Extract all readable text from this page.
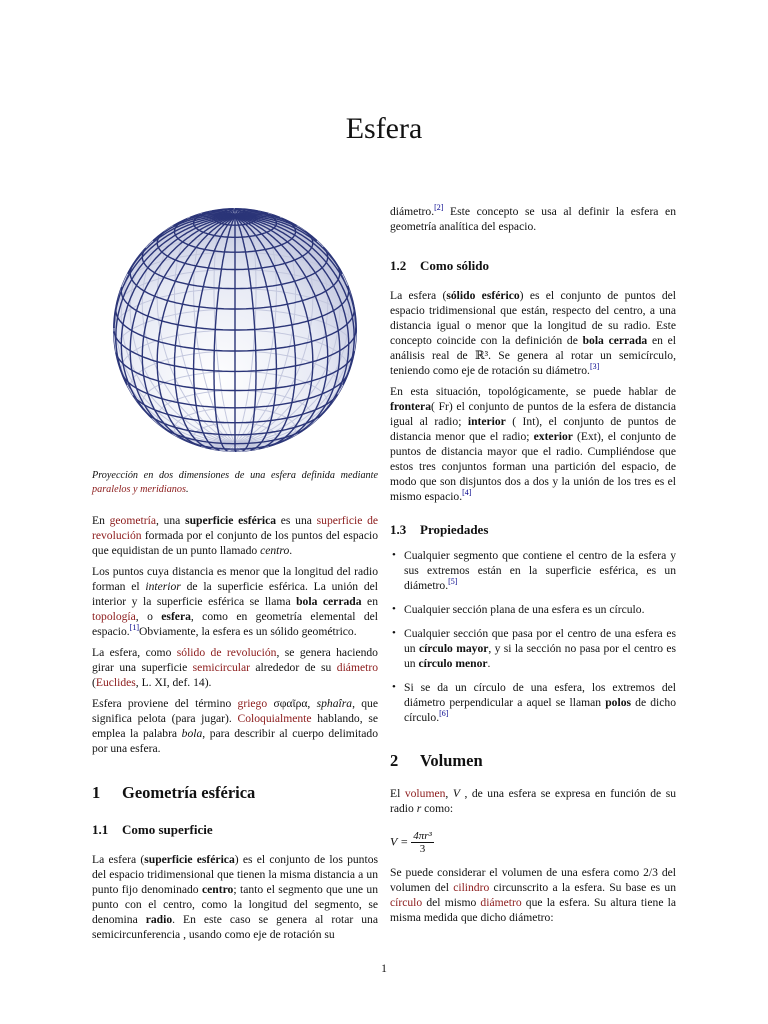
Esfera

Proyección en dos dimensiones de una esfera definida mediante paralelos y meridianos.

En geometría, una superficie esférica es una superficie de revolución formada por el conjunto de los puntos del espacio que equidistan de un punto llamado centro.

Los puntos cuya distancia es menor que la longitud del radio forman el interior de la superficie esférica. La unión del interior y la superficie esférica se llama bola cerrada en topología, o esfera, como en geometría elemental del espacio.[1]Obviamente, la esfera es un sólido geométrico.

La esfera, como sólido de revolución, se genera haciendo girar una superficie semicircular alrededor de su diámetro (Euclides, L. XI, def. 14).

Esfera proviene del término griego σφαῖρα, sphaîra, que significa pelota (para jugar). Coloquialmente hablando, se emplea la palabra bola, para describir al cuerpo delimitado por una esfera.

1 Geometría esférica
1.1 Como superficie

La esfera (superficie esférica) es el conjunto de los puntos del espacio tridimensional que tienen la misma distancia a un punto fijo denominado centro; tanto el segmento que une un punto con el centro, como la longitud del segmento, se denomina radio. En este caso se genera al rotar una semicircunferencia , usando como eje de rotación su

diámetro.[2] Este concepto se usa al definir la esfera en geometría analítica del espacio.

1.2 Como sólido

La esfera (sólido esférico) es el conjunto de puntos del espacio tridimensional que están, respecto del centro, a una distancia igual o menor que la longitud de su radio. Este concepto coincide con la definición de bola cerrada en el análisis real de ℝ³. Se genera al rotar un semicírculo, teniendo como eje de rotación su diámetro.[3]

En esta situación, topológicamente, se puede hablar de frontera( Fr) el conjunto de puntos de la esfera de distancia igual al radio; interior ( Int), el conjunto de puntos de distancia menor que el radio; exterior (Ext), el conjunto de puntos de distancia mayor que el radio. Cumpliéndose que estos tres conjuntos forman una partición del espacio, de modo que son disjuntos dos a dos y la unión de los tres es el mismo espacio.[4]

1.3 Propiedades
• Cualquier segmento que contiene el centro de la esfera y sus extremos están en la superficie esférica, es un diámetro.[5]
• Cualquier sección plana de una esfera es un círculo.
• Cualquier sección que pasa por el centro de una esfera es un círculo mayor, y si la sección no pasa por el centro es un círculo menor.
• Si se da un círculo de una esfera, los extremos del diámetro perpendicular a aquel se llaman polos de dicho círculo.[6]
2 Volumen

El volumen, V , de una esfera se expresa en función de su radio r como:

$V = \frac{\text{4πr³}}{3}$

Se puede considerar el volumen de una esfera como 2/3 del volumen del cilindro circunscrito a la esfera. Su base es un círculo del mismo diámetro que la esfera. Su altura tiene la misma medida que dicho diámetro:

1
